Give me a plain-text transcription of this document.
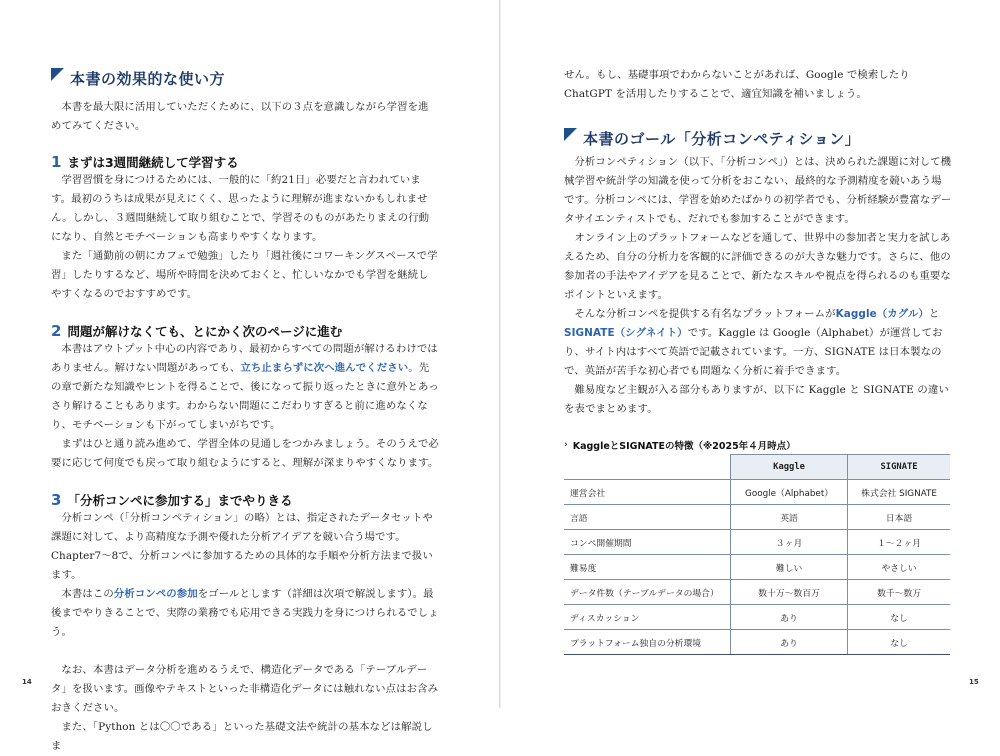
本書の効果的な使い方

本書を最大限に活用していただくために、以下の３点を意識しながら学習を進めてみてください。

1 まずは3週間継続して学習する

学習習慣を身につけるためには、一般的に「約21日」必要だと言われています。最初のうちは成果が見えにくく、思ったように理解が進まないかもしれません。しかし、３週間継続して取り組むことで、学習そのものがあたりまえの行動になり、自然とモチベーションも高まりやすくなります。

また「通勤前の朝にカフェで勉強」したり「週社後にコワーキングスペースで学習」したりするなど、場所や時間を決めておくと、忙しいなかでも学習を継続しやすくなるのでおすすめです。

2 問題が解けなくても、とにかく次のページに進む

本書はアウトプット中心の内容であり、最初からすべての問題が解けるわけではありません。解けない問題があっても、立ち止まらずに次へ進んでください。先の章で新たな知識やヒントを得ることで、後になって振り返ったときに意外とあっさり解けることもあります。わからない問題にこだわりすぎると前に進めなくなり、モチベーションも下がってしまいがちです。

まずはひと通り読み進めて、学習全体の見通しをつかみましょう。そのうえで必要に応じて何度でも戻って取り組むようにすると、理解が深まりやすくなります。

3 「分析コンペに参加する」までやりきる

分析コンペ（「分析コンペティション」の略）とは、指定されたデータセットや課題に対して、より高精度な予測や優れた分析アイデアを競い合う場です。Chapter7〜8で、分析コンペに参加するための具体的な手順や分析方法まで扱います。

本書はこの分析コンペの参加をゴールとします（詳細は次項で解説します）。最後までやりきることで、実際の業務でも応用できる実践力を身につけられるでしょう。

なお、本書はデータ分析を進めるうえで、構造化データである「テーブルデータ」を扱います。画像やテキストといった非構造化データには触れない点はお含みおきください。

また、「Python とは〇〇である」といった基礎文法や統計の基本などは解説しま

14

せん。もし、基礎事項でわからないことがあれば、Google で検索したり ChatGPT を活用したりすることで、適宜知識を補いましょう。

本書のゴール「分析コンペティション」

分析コンペティション（以下、「分析コンペ」）とは、決められた課題に対して機械学習や統計学の知識を使って分析をおこない、最終的な予測精度を競いあう場です。分析コンペには、学習を始めたばかりの初学者でも、分析経験が豊富なデータサイエンティストでも、だれでも参加することができます。

オンライン上のプラットフォームなどを通して、世界中の参加者と実力を試しあえるため、自分の分析力を客観的に評価できるのが大きな魅力です。さらに、他の参加者の手法やアイデアを見ることで、新たなスキルや視点を得られるのも重要なポイントといえます。

そんな分析コンペを提供する有名なプラットフォームがKaggle（カグル）とSIGNATE（シグネイト）です。Kaggle は Google（Alphabet）が運営しており、サイト内はすべて英語で記載されています。一方、SIGNATE は日本製なので、英語が苦手な初心者でも問題なく分析に着手できます。

難易度など主観が入る部分もありますが、以下に Kaggle と SIGNATE の違いを表でまとめます。

› KaggleとSIGNATEの特徴（※2025年４月時点）
	Kaggle	SIGNATE
運営会社	Google（Alphabet）	株式会社 SIGNATE
言語	英語	日本語
コンペ開催期間	３ヶ月	１〜２ヶ月
難易度	難しい	やさしい
データ件数（テーブルデータの場合）	数十万〜数百万	数千〜数万
ディスカッション	あり	なし
プラットフォーム独自の分析環境	あり	なし
15
